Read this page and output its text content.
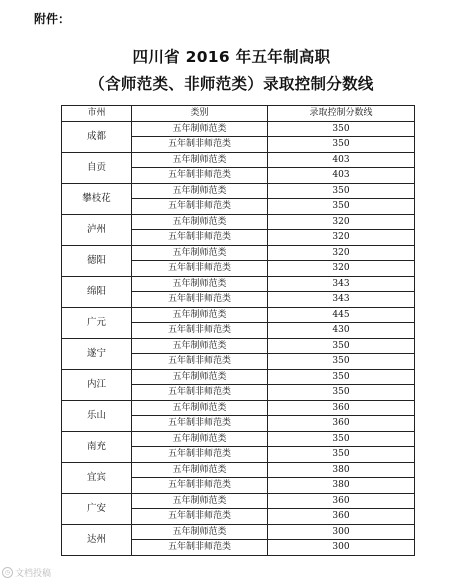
附件：
四川省 2016 年五年制高职
（含师范类、非师范类）录取控制分数线
市州	类别	录取控制分数线
成都	五年制师范类	350
	五年制非师范类	350
自贡	五年制师范类	403
	五年制非师范类	403
攀枝花	五年制师范类	350
	五年制非师范类	350
泸州	五年制师范类	320
	五年制非师范类	320
德阳	五年制师范类	320
	五年制非师范类	320
绵阳	五年制师范类	343
	五年制非师范类	343
广元	五年制师范类	445
	五年制非师范类	430
遂宁	五年制师范类	350
	五年制非师范类	350
内江	五年制师范类	350
	五年制非师范类	350
乐山	五年制师范类	360
	五年制非师范类	360
南充	五年制师范类	350
	五年制非师范类	350
宜宾	五年制师范类	380
	五年制非师范类	380
广安	五年制师范类	360
	五年制非师范类	360
达州	五年制师范类	300
	五年制非师范类	300
◷ 文档投稿
